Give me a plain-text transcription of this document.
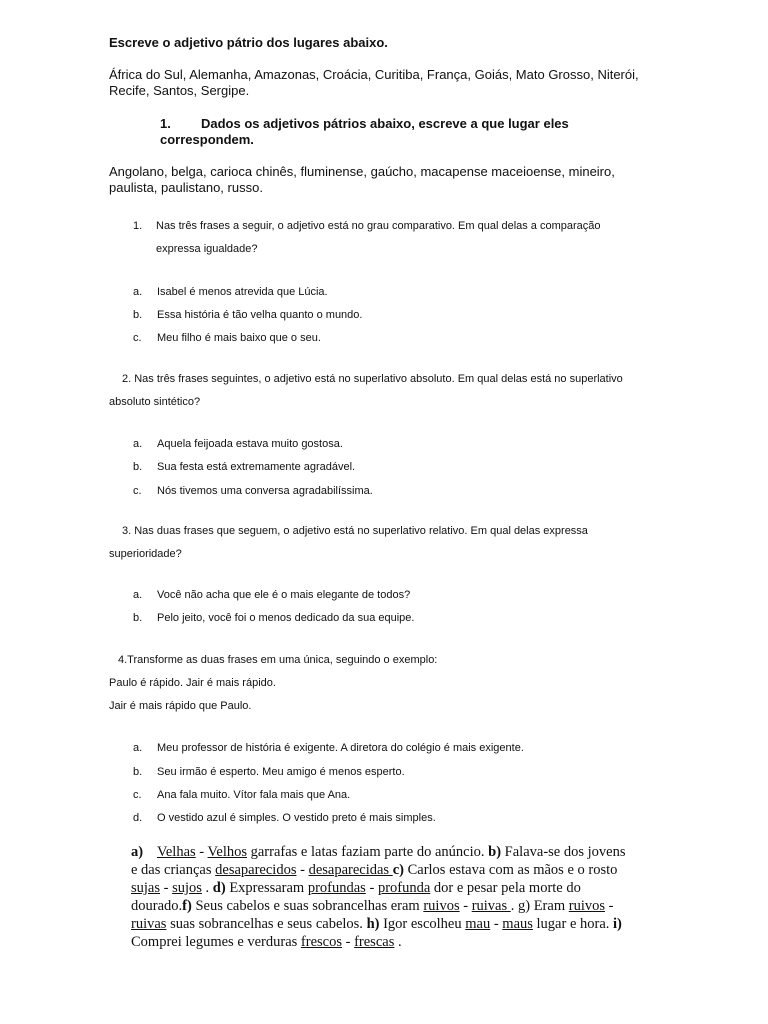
Escreve o adjetivo pátrio dos lugares abaixo.
África do Sul, Alemanha, Amazonas, Croácia, Curitiba, França, Goiás, Mato Grosso, Niterói,
Recife, Santos, Sergipe.
1. Dados os adjetivos pátrios abaixo, escreve a que lugar eles
correspondem.
Angolano, belga, carioca chinês, fluminense, gaúcho, macapense maceioense, mineiro,
paulista, paulistano, russo.
1. Nas três frases a seguir, o adjetivo está no grau comparativo. Em qual delas a comparação
expressa igualdade?
a. Isabel é menos atrevida que Lúcia.
b. Essa história é tão velha quanto o mundo.
c. Meu filho é mais baixo que o seu.
2. Nas três frases seguintes, o adjetivo está no superlativo absoluto. Em qual delas está no superlativo
absoluto sintético?
a. Aquela feijoada estava muito gostosa.
b. Sua festa está extremamente agradável.
c. Nós tivemos uma conversa agradabilíssima.
3. Nas duas frases que seguem, o adjetivo está no superlativo relativo. Em qual delas expressa
superioridade?
a. Você não acha que ele é o mais elegante de todos?
b. Pelo jeito, você foi o menos dedicado da sua equipe.
4.Transforme as duas frases em uma única, seguindo o exemplo:
Paulo é rápido. Jair é mais rápido.
Jair é mais rápido que Paulo.
a. Meu professor de história é exigente. A diretora do colégio é mais exigente.
b. Seu irmão é esperto. Meu amigo é menos esperto.
c. Ana fala muito. Vítor fala mais que Ana.
d. O vestido azul é simples. O vestido preto é mais simples.
a) Velhas - Velhos garrafas e latas faziam parte do anúncio. b) Falava-se dos jovens e das crianças desaparecidos - desaparecidas c) Carlos estava com as mãos e o rosto sujas - sujos . d) Expressaram profundas - profunda dor e pesar pela morte do dourado.f) Seus cabelos e suas sobrancelhas eram ruivos - ruivas . g) Eram ruivos - ruivas suas sobrancelhas e seus cabelos. h) Igor escolheu mau - maus lugar e hora. i) Comprei legumes e verduras frescos - frescas .
